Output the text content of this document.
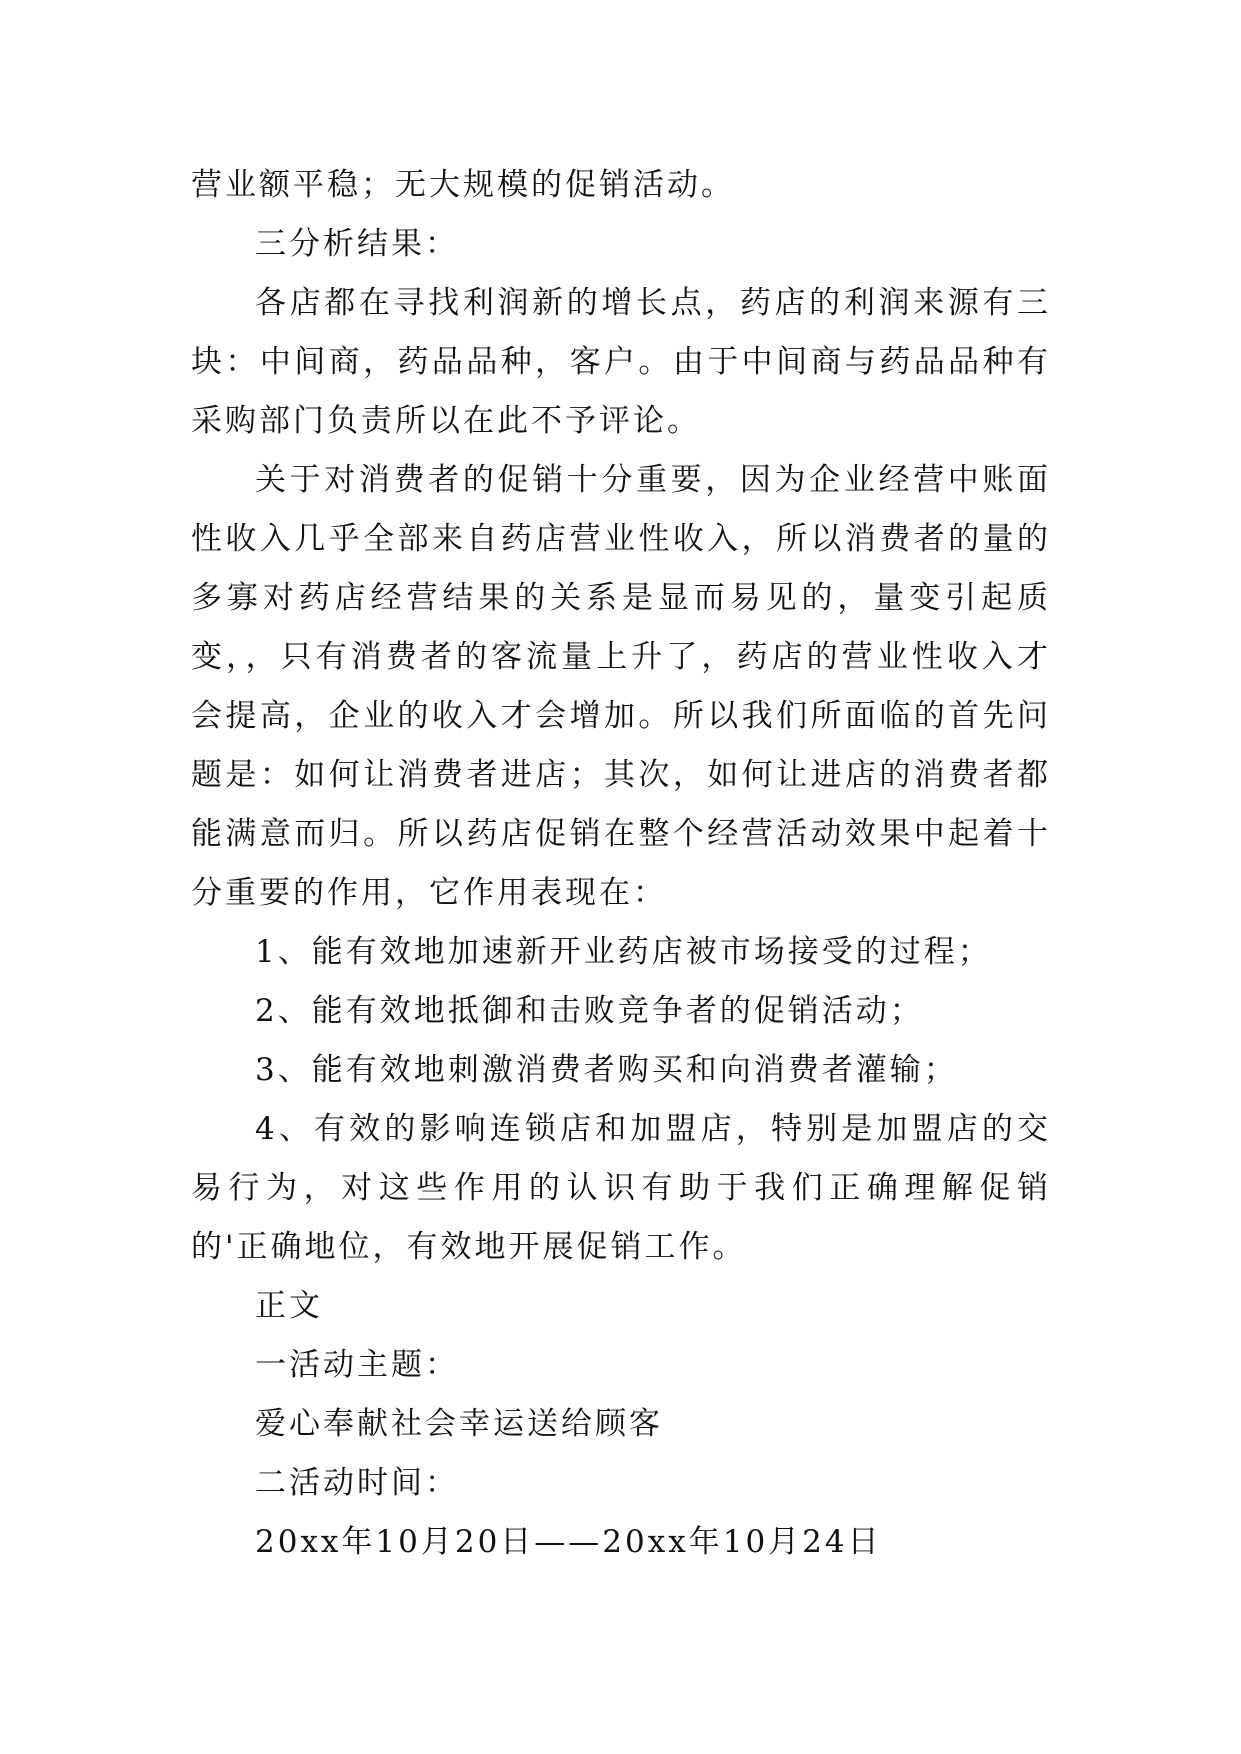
营业额平稳；无大规模的促销活动。

三分析结果：

各店都在寻找利润新的增长点，药店的利润来源有三块：中间商，药品品种，客户。由于中间商与药品品种有采购部门负责所以在此不予评论。

关于对消费者的促销十分重要，因为企业经营中账面性收入几乎全部来自药店营业性收入，所以消费者的量的多寡对药店经营结果的关系是显而易见的，量变引起质变，，只有消费者的客流量上升了，药店的营业性收入才会提高，企业的收入才会增加。所以我们所面临的首先问题是：如何让消费者进店；其次，如何让进店的消费者都能满意而归。所以药店促销在整个经营活动效果中起着十分重要的作用，它作用表现在：

1、能有效地加速新开业药店被市场接受的过程；

2、能有效地抵御和击败竞争者的促销活动；

3、能有效地刺激消费者购买和向消费者灌输；

4、有效的影响连锁店和加盟店，特别是加盟店的交易行为，对这些作用的认识有助于我们正确理解促销的'正确地位，有效地开展促销工作。

正文

一活动主题：

爱心奉献社会幸运送给顾客

二活动时间：

20xx年10月20日——20xx年10月24日
